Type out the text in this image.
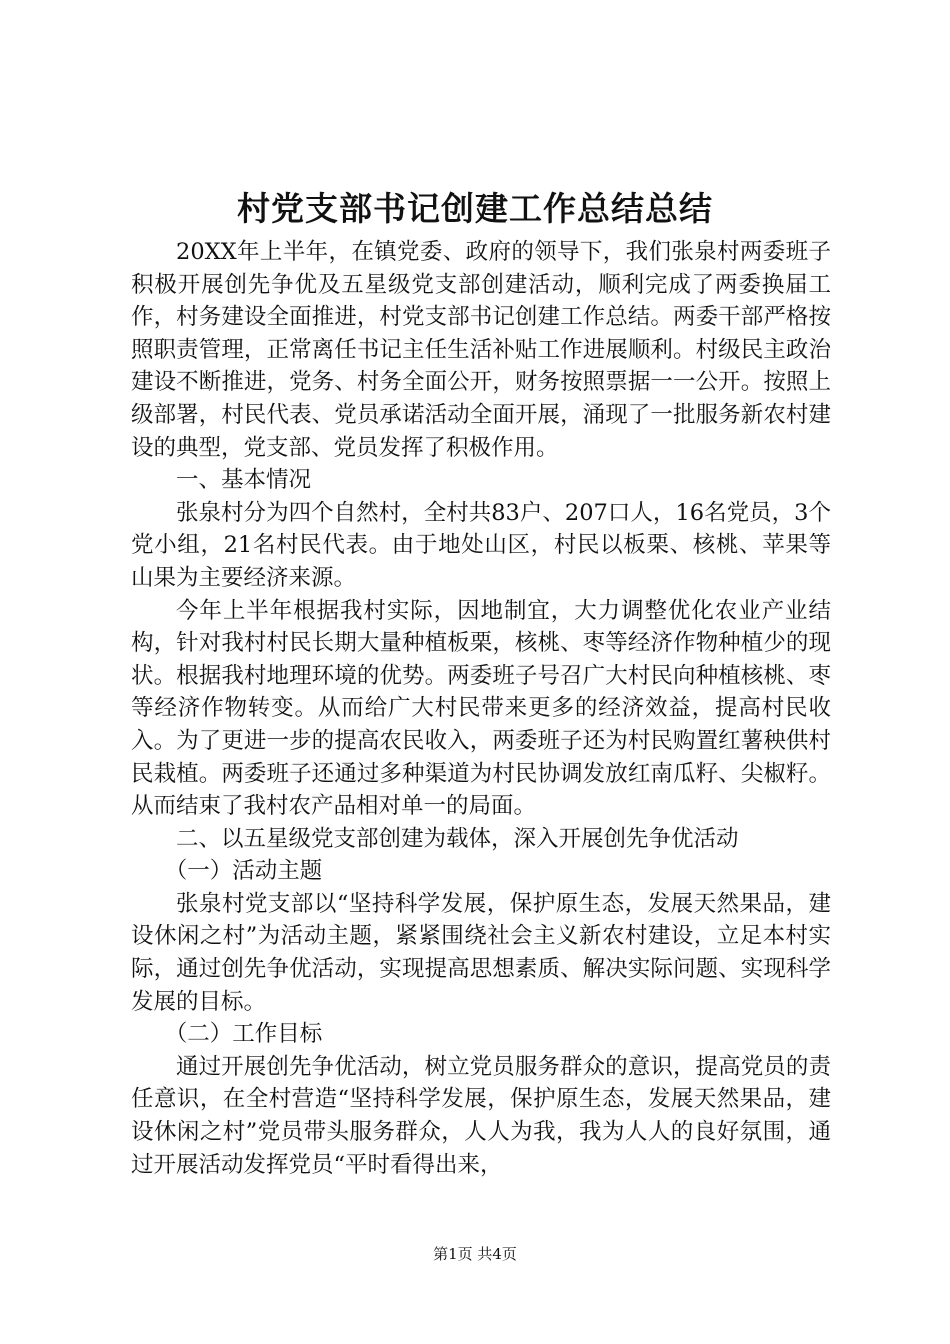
村党支部书记创建工作总结总结

20XX年上半年，在镇党委、政府的领导下，我们张泉村两委班子积极开展创先争优及五星级党支部创建活动，顺利完成了两委换届工作，村务建设全面推进，村党支部书记创建工作总结。两委干部严格按照职责管理，正常离任书记主任生活补贴工作进展顺利。村级民主政治建设不断推进，党务、村务全面公开，财务按照票据一一公开。按照上级部署，村民代表、党员承诺活动全面开展，涌现了一批服务新农村建设的典型，党支部、党员发挥了积极作用。

一、基本情况

张泉村分为四个自然村，全村共83户、207口人，16名党员，3个党小组，21名村民代表。由于地处山区，村民以板栗、核桃、苹果等山果为主要经济来源。

今年上半年根据我村实际，因地制宜，大力调整优化农业产业结构，针对我村村民长期大量种植板栗，核桃、枣等经济作物种植少的现状。根据我村地理环境的优势。两委班子号召广大村民向种植核桃、枣等经济作物转变。从而给广大村民带来更多的经济效益，提高村民收入。为了更进一步的提高农民收入，两委班子还为村民购置红薯秧供村民栽植。两委班子还通过多种渠道为村民协调发放红南瓜籽、尖椒籽。从而结束了我村农产品相对单一的局面。

二、以五星级党支部创建为载体，深入开展创先争优活动

（一）活动主题

张泉村党支部以“坚持科学发展，保护原生态，发展天然果品，建设休闲之村”为活动主题，紧紧围绕社会主义新农村建设，立足本村实际，通过创先争优活动，实现提高思想素质、解决实际问题、实现科学发展的目标。

（二）工作目标

通过开展创先争优活动，树立党员服务群众的意识，提高党员的责任意识，在全村营造“坚持科学发展，保护原生态，发展天然果品，建设休闲之村”党员带头服务群众，人人为我，我为人人的良好氛围，通过开展活动发挥党员“平时看得出来，

第1页 共4页
